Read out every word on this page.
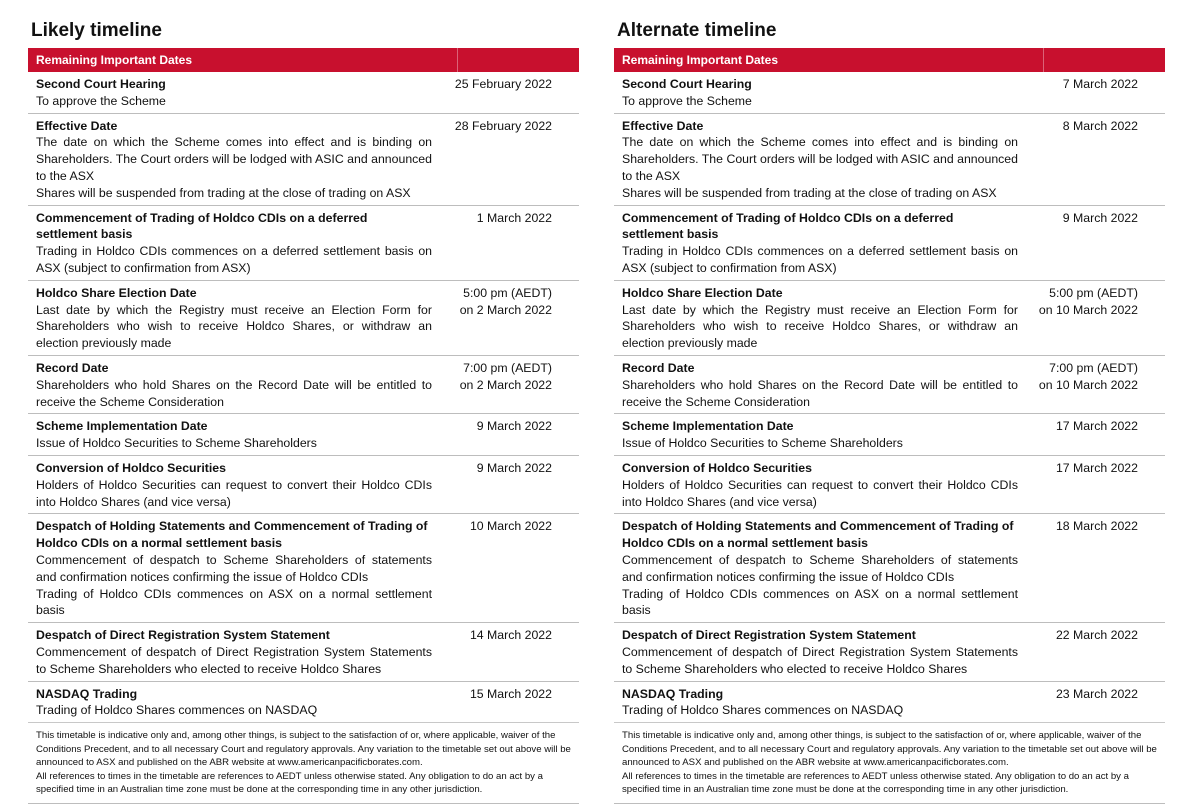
Likely timeline
Remaining Important Dates
Second Court Hearing
To approve the Scheme
25 February 2022
Effective Date
The date on which the Scheme comes into effect and is binding on Shareholders. The Court orders will be lodged with ASIC and announced to the ASX
Shares will be suspended from trading at the close of trading on ASX
28 February 2022
Commencement of Trading of Holdco CDIs on a deferred settlement basis
Trading in Holdco CDIs commences on a deferred settlement basis on ASX (subject to confirmation from ASX)
1 March 2022
Holdco Share Election Date
Last date by which the Registry must receive an Election Form for Shareholders who wish to receive Holdco Shares, or withdraw an election previously made
5:00 pm (AEDT) on 2 March 2022
Record Date
Shareholders who hold Shares on the Record Date will be entitled to receive the Scheme Consideration
7:00 pm (AEDT) on 2 March 2022
Scheme Implementation Date
Issue of Holdco Securities to Scheme Shareholders
9 March 2022
Conversion of Holdco Securities
Holders of Holdco Securities can request to convert their Holdco CDIs into Holdco Shares (and vice versa)
9 March 2022
Despatch of Holding Statements and Commencement of Trading of Holdco CDIs on a normal settlement basis
Commencement of despatch to Scheme Shareholders of statements and confirmation notices confirming the issue of Holdco CDIs
Trading of Holdco CDIs commences on ASX on a normal settlement basis
10 March 2022
Despatch of Direct Registration System Statement
Commencement of despatch of Direct Registration System Statements to Scheme Shareholders who elected to receive Holdco Shares
14 March 2022
NASDAQ Trading
Trading of Holdco Shares commences on NASDAQ
15 March 2022

This timetable is indicative only and, among other things, is subject to the satisfaction of or, where applicable, waiver of the Conditions Precedent, and to all necessary Court and regulatory approvals. Any variation to the timetable set out above will be announced to ASX and published on the ABR website at www.americanpacificborates.com.

All references to times in the timetable are references to AEDT unless otherwise stated. Any obligation to do an act by a specified time in an Australian time zone must be done at the corresponding time in any other jurisdiction.

Alternate timeline
Remaining Important Dates
Second Court Hearing
To approve the Scheme
7 March 2022
Effective Date
The date on which the Scheme comes into effect and is binding on Shareholders. The Court orders will be lodged with ASIC and announced to the ASX
Shares will be suspended from trading at the close of trading on ASX
8 March 2022
Commencement of Trading of Holdco CDIs on a deferred settlement basis
Trading in Holdco CDIs commences on a deferred settlement basis on ASX (subject to confirmation from ASX)
9 March 2022
Holdco Share Election Date
Last date by which the Registry must receive an Election Form for Shareholders who wish to receive Holdco Shares, or withdraw an election previously made
5:00 pm (AEDT) on 10 March 2022
Record Date
Shareholders who hold Shares on the Record Date will be entitled to receive the Scheme Consideration
7:00 pm (AEDT) on 10 March 2022
Scheme Implementation Date
Issue of Holdco Securities to Scheme Shareholders
17 March 2022
Conversion of Holdco Securities
Holders of Holdco Securities can request to convert their Holdco CDIs into Holdco Shares (and vice versa)
17 March 2022
Despatch of Holding Statements and Commencement of Trading of Holdco CDIs on a normal settlement basis
Commencement of despatch to Scheme Shareholders of statements and confirmation notices confirming the issue of Holdco CDIs
Trading of Holdco CDIs commences on ASX on a normal settlement basis
18 March 2022
Despatch of Direct Registration System Statement
Commencement of despatch of Direct Registration System Statements to Scheme Shareholders who elected to receive Holdco Shares
22 March 2022
NASDAQ Trading
Trading of Holdco Shares commences on NASDAQ
23 March 2022

This timetable is indicative only and, among other things, is subject to the satisfaction of or, where applicable, waiver of the Conditions Precedent, and to all necessary Court and regulatory approvals. Any variation to the timetable set out above will be announced to ASX and published on the ABR website at www.americanpacificborates.com.

All references to times in the timetable are references to AEDT unless otherwise stated. Any obligation to do an act by a specified time in an Australian time zone must be done at the corresponding time in any other jurisdiction.
